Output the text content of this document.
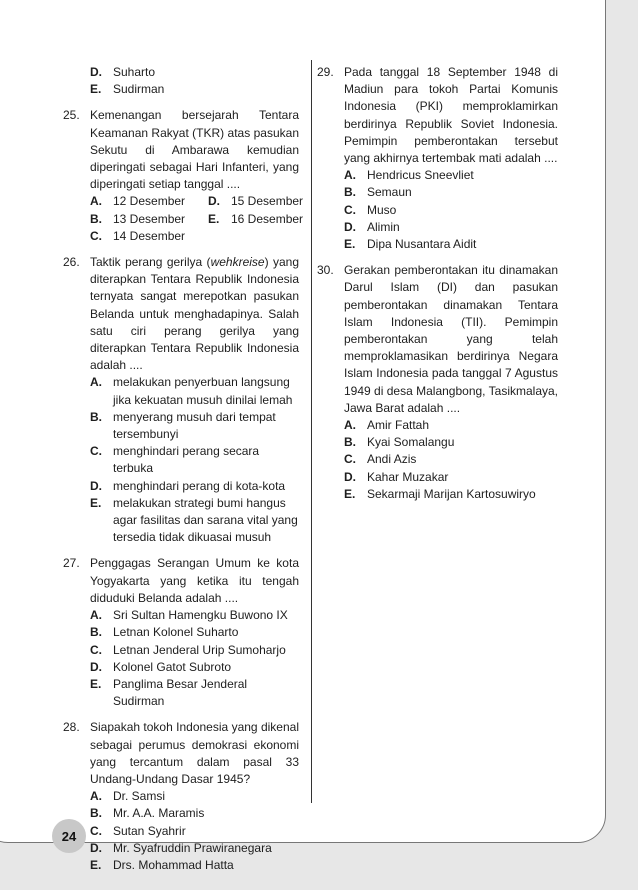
D. Suharto
E. Sudirman
25. Kemenangan bersejarah Tentara Keamanan Rakyat (TKR) atas pasukan Sekutu di Ambarawa kemudian diperingati sebagai Hari Infanteri, yang diperingati setiap tanggal ....
A. 12 Desember D. 15 Desember
B. 13 Desember E. 16 Desember
C. 14 Desember
26. Taktik perang gerilya (wehkreise) yang diterapkan Tentara Republik Indonesia ternyata sangat merepotkan pasukan Belanda untuk menghadapinya. Salah satu ciri perang gerilya yang diterapkan Tentara Republik Indonesia adalah ....
A. melakukan penyerbuan langsung jika kekuatan musuh dinilai lemah
B. menyerang musuh dari tempat tersembunyi
C. menghindari perang secara terbuka
D. menghindari perang di kota-kota
E. melakukan strategi bumi hangus agar fasilitas dan sarana vital yang tersedia tidak dikuasai musuh
27. Penggagas Serangan Umum ke kota Yogyakarta yang ketika itu tengah diduduki Belanda adalah ....
A. Sri Sultan Hamengku Buwono IX
B. Letnan Kolonel Suharto
C. Letnan Jenderal Urip Sumoharjo
D. Kolonel Gatot Subroto
E. Panglima Besar Jenderal Sudirman
28. Siapakah tokoh Indonesia yang dikenal sebagai perumus demokrasi ekonomi yang tercantum dalam pasal 33 Undang-Undang Dasar 1945?
A. Dr. Samsi
B. Mr. A.A. Maramis
C. Sutan Syahrir
D. Mr. Syafruddin Prawiranegara
E. Drs. Mohammad Hatta
29. Pada tanggal 18 September 1948 di Madiun para tokoh Partai Komunis Indonesia (PKI) memproklamirkan berdirinya Republik Soviet Indonesia. Pemimpin pemberontakan tersebut yang akhirnya tertembak mati adalah ....
A. Hendricus Sneevliet
B. Semaun
C. Muso
D. Alimin
E. Dipa Nusantara Aidit
30. Gerakan pemberontakan itu dinamakan Darul Islam (DI) dan pasukan pemberontakan dinamakan Tentara Islam Indonesia (TII). Pemimpin pemberontakan yang telah memproklamasikan berdirinya Negara Islam Indonesia pada tanggal 7 Agustus 1949 di desa Malangbong, Tasikmalaya, Jawa Barat adalah ....
A. Amir Fattah
B. Kyai Somalangu
C. Andi Azis
D. Kahar Muzakar
E. Sekarmaji Marijan Kartosuwiryo
24
